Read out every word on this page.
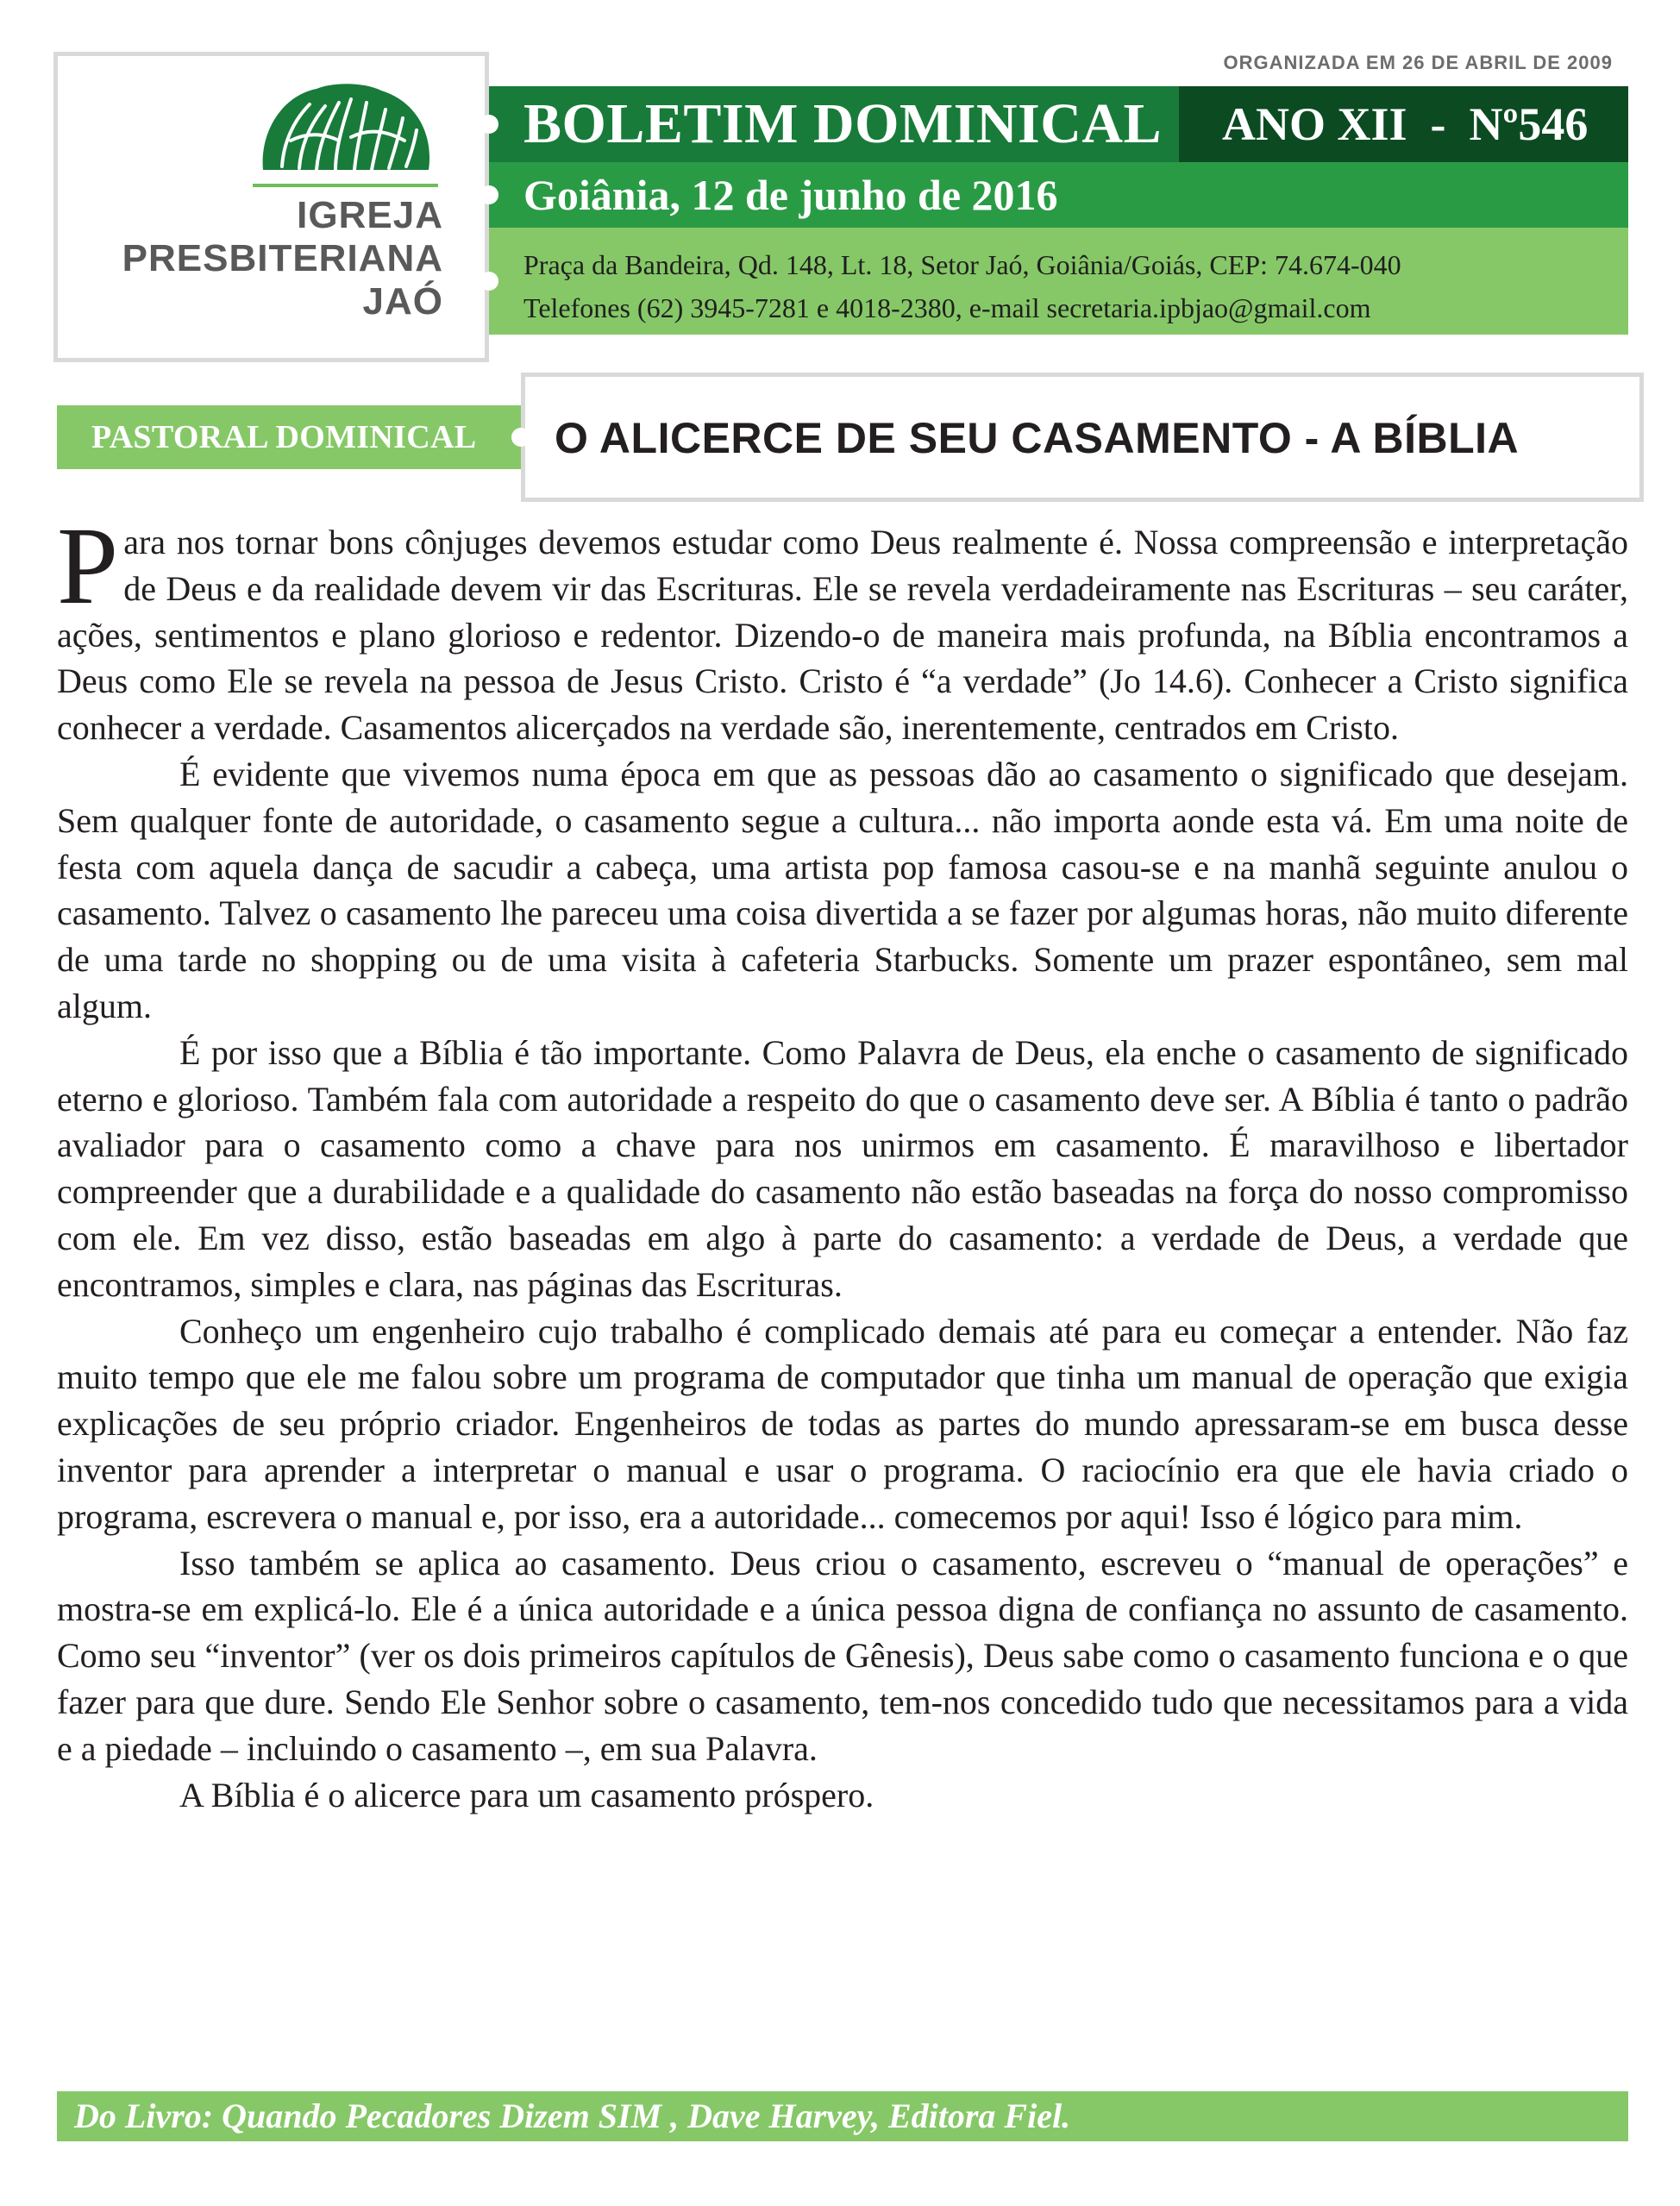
IGREJA
PRESBITERIANA
JAÓ
ORGANIZADA EM 26 DE ABRIL DE 2009
BOLETIM DOMINICAL	ANO XII  -  Nº546
Goiânia, 12 de junho de 2016
Praça da Bandeira, Qd. 148, Lt. 18, Setor Jaó, Goiânia/Goiás, CEP: 74.674-040
Telefones (62) 3945-7281 e 4018-2380, e-mail secretaria.ipbjao@gmail.com
PASTORAL DOMINICAL	O ALICERCE DE SEU CASAMENTO - A BÍBLIA

Para nos tornar bons cônjuges devemos estudar como Deus realmente é. Nossa compreensão e interpretação de Deus e da realidade devem vir das Escrituras. Ele se revela verdadeiramente nas Escrituras – seu caráter, ações, sentimentos e plano glorioso e redentor. Dizendo-o de maneira mais profunda, na Bíblia encontramos a Deus como Ele se revela na pessoa de Jesus Cristo. Cristo é “a verdade” (Jo 14.6). Conhecer a Cristo significa conhecer a verdade. Casamentos alicerçados na verdade são, inerentemente, centrados em Cristo.

É evidente que vivemos numa época em que as pessoas dão ao casamento o significado que desejam. Sem qualquer fonte de autoridade, o casamento segue a cultura... não importa aonde esta vá. Em uma noite de festa com aquela dança de sacudir a cabeça, uma artista pop famosa casou-se e na manhã seguinte anulou o casamento. Talvez o casamento lhe pareceu uma coisa divertida a se fazer por algumas horas, não muito diferente de uma tarde no shopping ou de uma visita à cafeteria Starbucks. Somente um prazer espontâneo, sem mal algum.

É por isso que a Bíblia é tão importante. Como Palavra de Deus, ela enche o casamento de significado eterno e glorioso. Também fala com autoridade a respeito do que o casamento deve ser. A Bíblia é tanto o padrão avaliador para o casamento como a chave para nos unirmos em casamento. É maravilhoso e libertador compreender que a durabilidade e a qualidade do casamento não estão baseadas na força do nosso compromisso com ele. Em vez disso, estão baseadas em algo à parte do casamento: a verdade de Deus, a verdade que encontramos, simples e clara, nas páginas das Escrituras.

Conheço um engenheiro cujo trabalho é complicado demais até para eu começar a entender. Não faz muito tempo que ele me falou sobre um programa de computador que tinha um manual de operação que exigia explicações de seu próprio criador. Engenheiros de todas as partes do mundo apressaram-se em busca desse inventor para aprender a interpretar o manual e usar o programa. O raciocínio era que ele havia criado o programa, escrevera o manual e, por isso, era a autoridade... comecemos por aqui! Isso é lógico para mim.

Isso também se aplica ao casamento. Deus criou o casamento, escreveu o “manual de operações” e mostra-se em explicá-lo. Ele é a única autoridade e a única pessoa digna de confiança no assunto de casamento. Como seu “inventor” (ver os dois primeiros capítulos de Gênesis), Deus sabe como o casamento funciona e o que fazer para que dure. Sendo Ele Senhor sobre o casamento, tem-nos concedido tudo que necessitamos para a vida e a piedade – incluindo o casamento –, em sua Palavra.

A Bíblia é o alicerce para um casamento próspero.

Do Livro: Quando Pecadores Dizem SIM , Dave Harvey, Editora Fiel.
